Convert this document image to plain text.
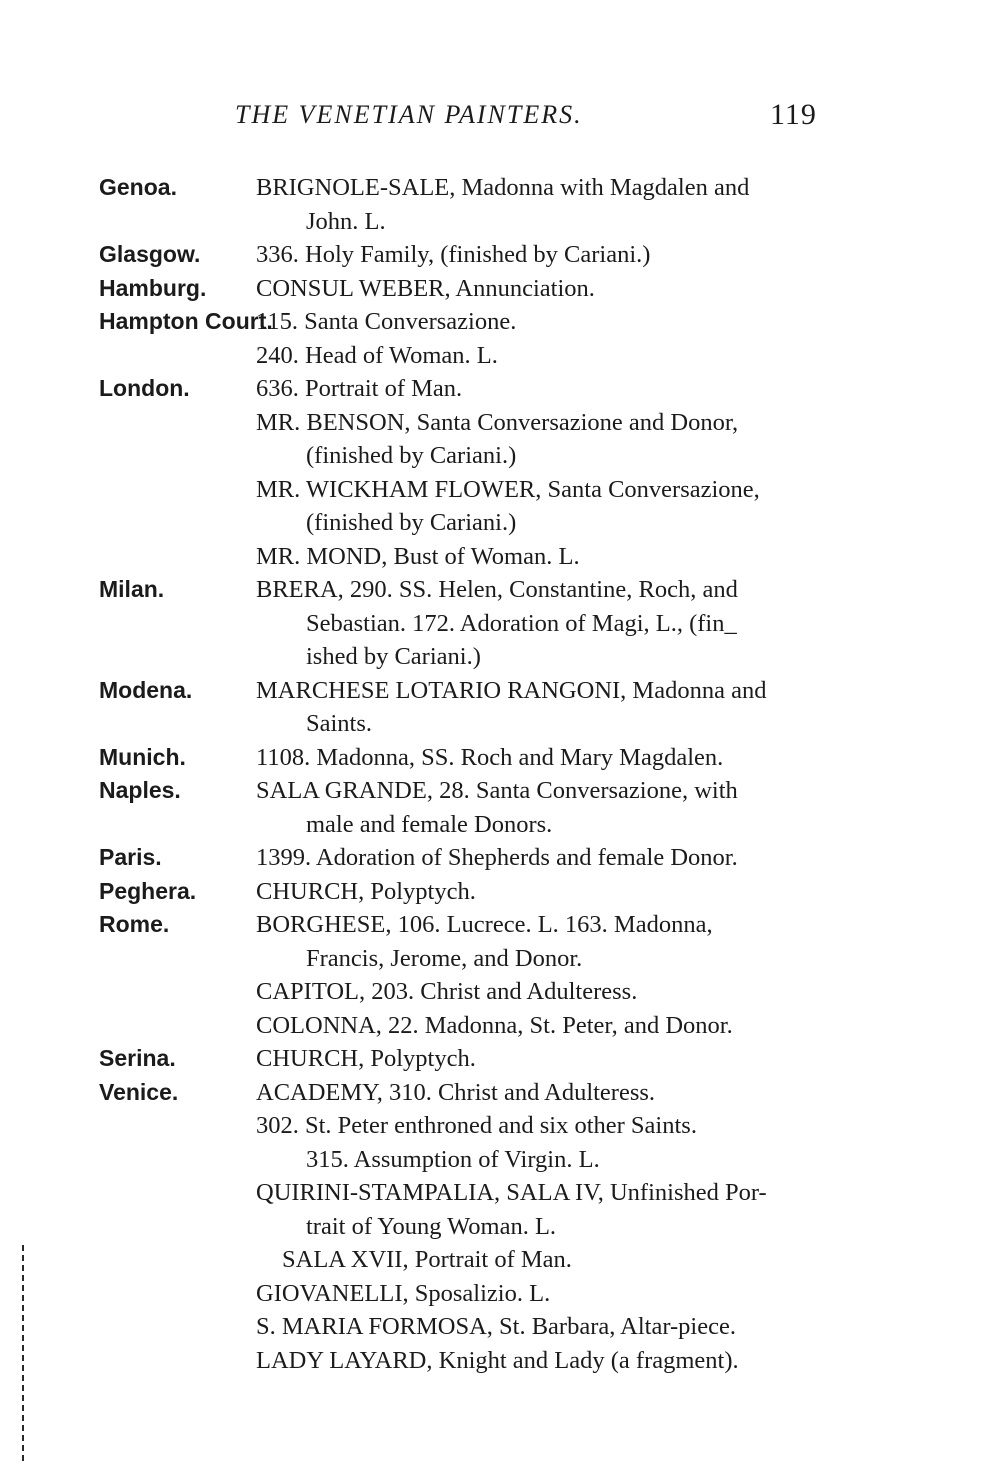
THE VENETIAN PAINTERS.	119
Genoa.	BRIGNOLE-SALE, Madonna with Magdalen and
John. L.
Glasgow. 336. Holy Family, (finished by Cariani.)
Hamburg. CONSUL WEBER, Annunciation.
Hampton Court.
115. Santa Conversazione.
240. Head of Woman. L.
London.	636. Portrait of Man.
MR. BENSON, Santa Conversazione and Donor,
(finished by Cariani.)
MR. WICKHAM FLOWER, Santa Conversazione,
(finished by Cariani.)
MR. MOND, Bust of Woman. L.
Milan.	BRERA, 290. SS. Helen, Constantine, Roch, and
Sebastian. 172. Adoration of Magi, L., (fin_
ished by Cariani.)
Modena.	MARCHESE LOTARIO RANGONI, Madonna and
Saints.
Munich.	1108. Madonna, SS. Roch and Mary Magdalen.
Naples.	SALA GRANDE, 28. Santa Conversazione, with
male and female Donors.
Paris.	1399. Adoration of Shepherds and female Donor.
Peghera. CHURCH, Polyptych.
Rome.	BORGHESE, 106. Lucrece. L. 163. Madonna,
Francis, Jerome, and Donor.
CAPITOL, 203. Christ and Adulteress.
COLONNA, 22. Madonna, St. Peter, and Donor.
Serina.	CHURCH, Polyptych.
Venice.	ACADEMY, 310. Christ and Adulteress.
302. St. Peter enthroned and six other Saints.
315. Assumption of Virgin. L.
QUIRINI-STAMPALIA, SALA IV, Unfinished Por-
trait of Young Woman. L.
SALA XVII, Portrait of Man.
GIOVANELLI, Sposalizio. L.
S. MARIA FORMOSA, St. Barbara, Altar-piece.
LADY LAYARD, Knight and Lady (a fragment).
